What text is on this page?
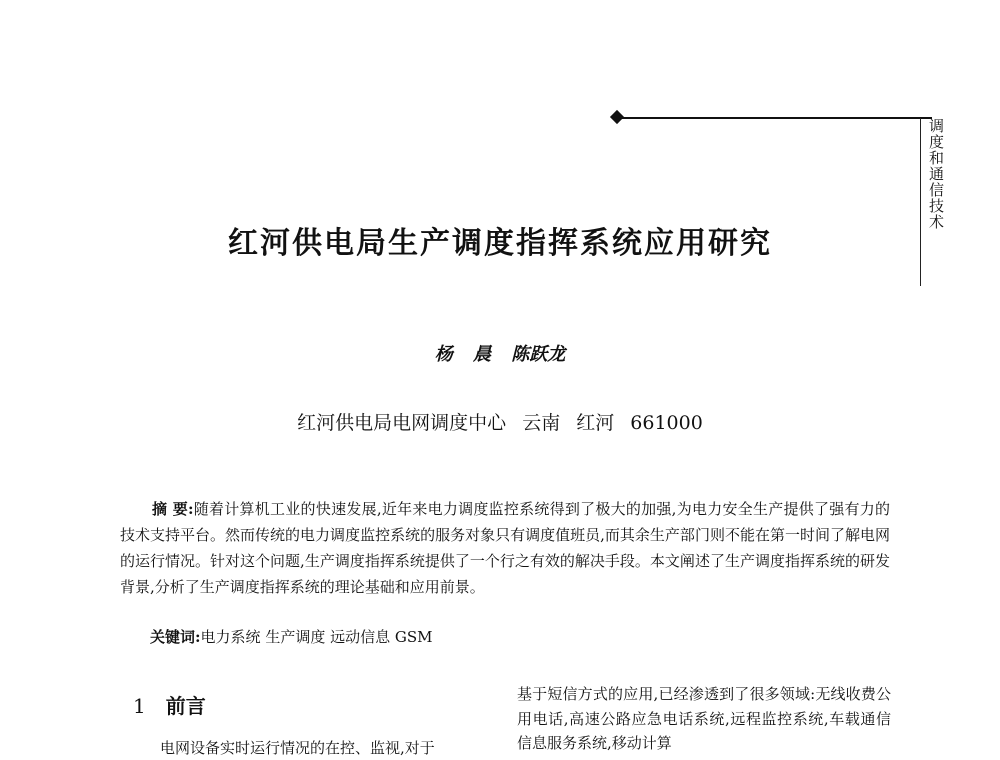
调度和通信技术
红河供电局生产调度指挥系统应用研究
杨 晨 陈跃龙
红河供电局电网调度中心 云南 红河 661000
摘 要:随着计算机工业的快速发展,近年来电力调度监控系统得到了极大的加强,为电力安全生产提供了强有力的技术支持平台。然而传统的电力调度监控系统的服务对象只有调度值班员,而其余生产部门则不能在第一时间了解电网的运行情况。针对这个问题,生产调度指挥系统提供了一个行之有效的解决手段。本文阐述了生产调度指挥系统的研发背景,分析了生产调度指挥系统的理论基础和应用前景。
关键词:电力系统 生产调度 远动信息 GSM
1 前言
电网设备实时运行情况的在控、监视,对于
基于短信方式的应用,已经渗透到了很多领域:无线收费公用电话,高速公路应急电话系统,远程监控系统,车载通信信息服务系统,移动计算
